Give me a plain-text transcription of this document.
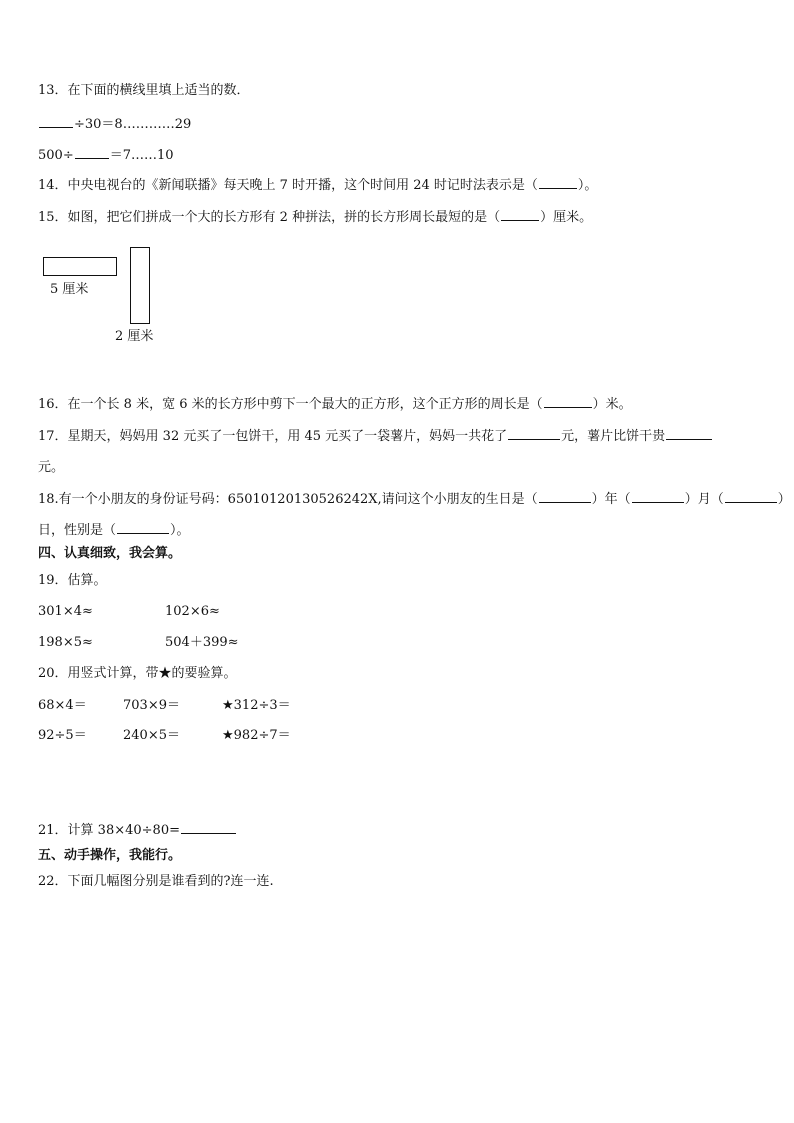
13．在下面的横线里填上适当的数．
÷30＝8…………29
500÷	＝7……10
14．中央电视台的《新闻联播》每天晚上 7 时开播，这个时间用 24 时记时法表示是（	）。
15．如图，把它们拼成一个大的长方形有 2 种拼法，拼的长方形周长最短的是（	）厘米。
5 厘米
2 厘米
16．在一个长 8 米，宽 6 米的长方形中剪下一个最大的正方形，这个正方形的周长是（	）米。
17．星期天，妈妈用 32 元买了一包饼干，用 45 元买了一袋薯片，妈妈一共花了	元，薯片比饼干贵
元。
18.有一个小朋友的身份证号码：65010120130526242X,请问这个小朋友的生日是（	）年（	）月（	）
日，性别是（	）。
四、认真细致，我会算。
19．估算。
301×4≈	102×6≈
198×5≈	504＋399≈
20．用竖式计算，带★的要验算。
68×4＝	703×9＝	★312÷3＝
92÷5＝	240×5＝	★982÷7＝
21．计算 38×40÷80=
五、动手操作，我能行。
22．下面几幅图分别是谁看到的?连一连.
